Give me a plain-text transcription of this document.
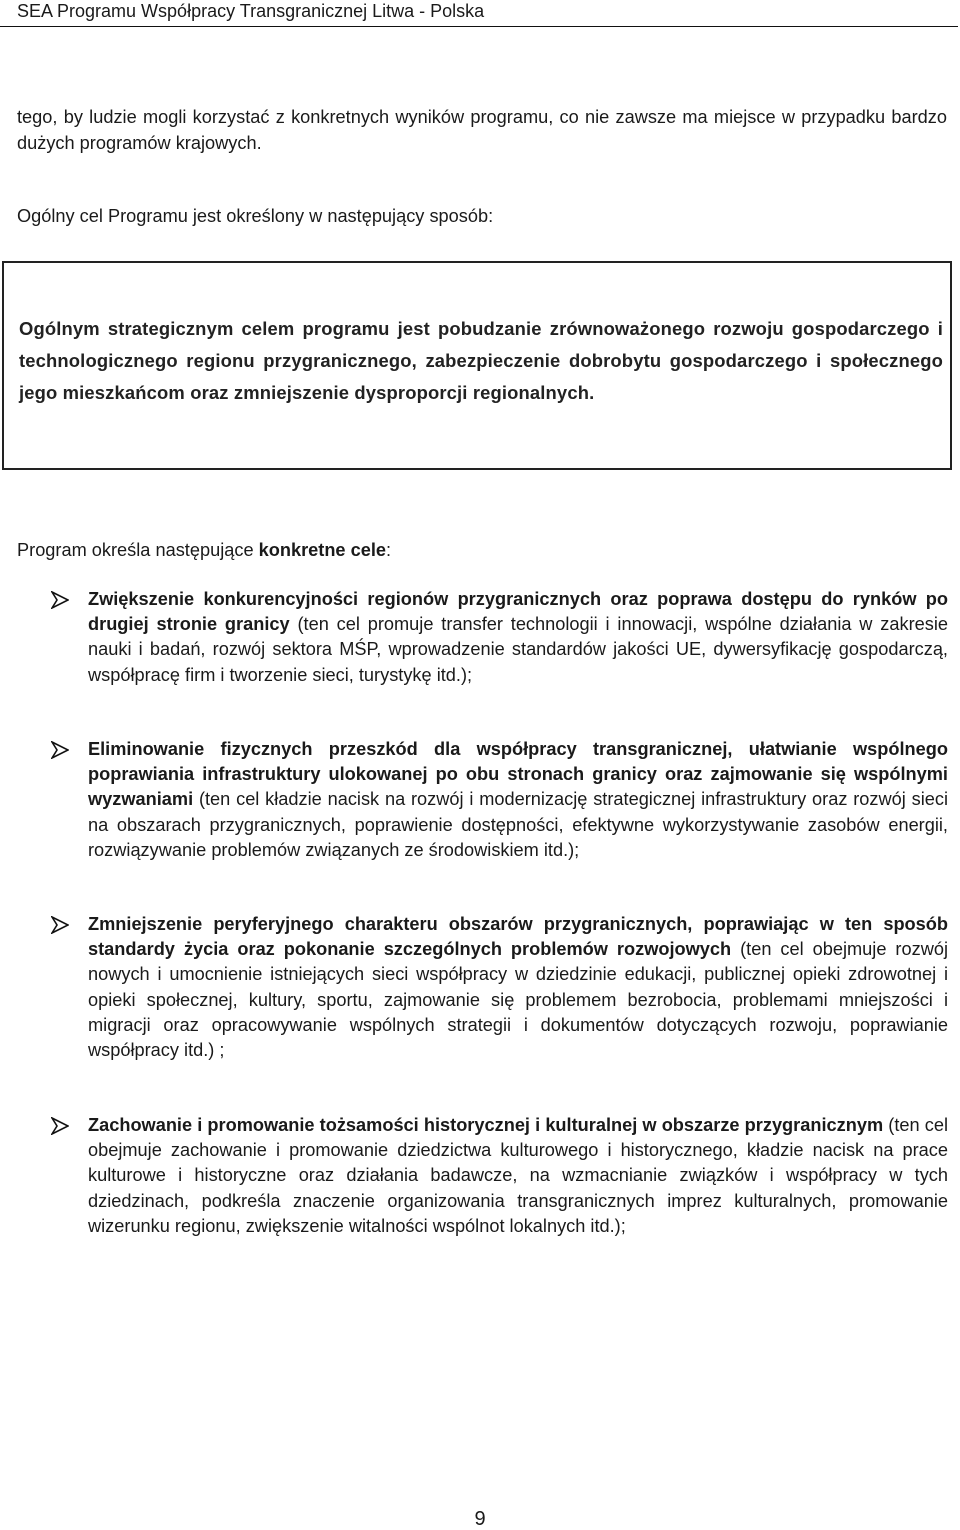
SEA Programu Współpracy Transgranicznej Litwa - Polska
tego, by ludzie mogli korzystać z konkretnych wyników programu, co nie zawsze ma miejsce w przypadku bardzo dużych programów krajowych.
Ogólny cel Programu jest określony w następujący sposób:
Ogólnym strategicznym celem programu jest pobudzanie zrównoważonego rozwoju gospodarczego i technologicznego regionu przygranicznego, zabezpieczenie dobrobytu gospodarczego i społecznego jego mieszkańcom oraz zmniejszenie dysproporcji regionalnych.
Program określa następujące konkretne cele:
Zwiększenie konkurencyjności regionów przygranicznych oraz poprawa dostępu do rynków po drugiej stronie granicy (ten cel promuje transfer technologii i innowacji, wspólne działania w zakresie nauki i badań, rozwój sektora MŚP, wprowadzenie standardów jakości UE, dywersyfikację gospodarczą, współpracę firm i tworzenie sieci, turystykę itd.);
Eliminowanie fizycznych przeszkód dla współpracy transgranicznej, ułatwianie wspólnego poprawiania infrastruktury ulokowanej po obu stronach granicy oraz zajmowanie się wspólnymi wyzwaniami (ten cel kładzie nacisk na rozwój i modernizację strategicznej infrastruktury oraz rozwój sieci na obszarach przygranicznych, poprawienie dostępności, efektywne wykorzystywanie zasobów energii, rozwiązywanie problemów związanych ze środowiskiem itd.);
Zmniejszenie peryferyjnego charakteru obszarów przygranicznych, poprawiając w ten sposób standardy życia oraz pokonanie szczególnych problemów rozwojowych (ten cel obejmuje rozwój nowych i umocnienie istniejących sieci współpracy w dziedzinie edukacji, publicznej opieki zdrowotnej i opieki społecznej, kultury, sportu, zajmowanie się problemem bezrobocia, problemami mniejszości i migracji oraz opracowywanie wspólnych strategii i dokumentów dotyczących rozwoju, poprawianie współpracy itd.) ;
Zachowanie i promowanie tożsamości historycznej i kulturalnej w obszarze przygranicznym (ten cel obejmuje zachowanie i promowanie dziedzictwa kulturowego i historycznego, kładzie nacisk na prace kulturowe i historyczne oraz działania badawcze, na wzmacnianie związków i współpracy w tych dziedzinach, podkreśla znaczenie organizowania transgranicznych imprez kulturalnych, promowanie wizerunku regionu, zwiększenie witalności wspólnot lokalnych itd.);
9
